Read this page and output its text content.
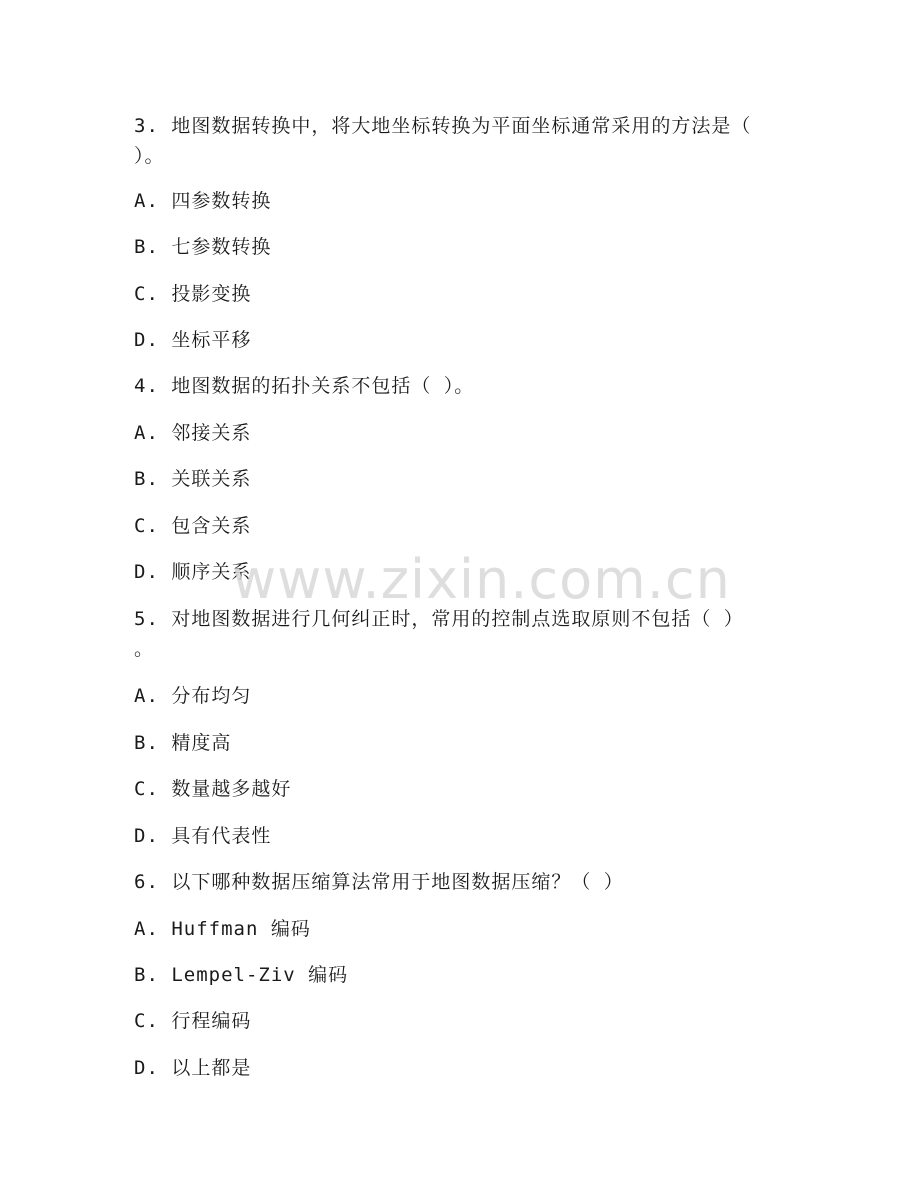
3. 地图数据转换中，将大地坐标转换为平面坐标通常采用的方法是（
）。
A. 四参数转换
B. 七参数转换
C. 投影变换
D. 坐标平移
4. 地图数据的拓扑关系不包括（ ）。
A. 邻接关系
B. 关联关系
C. 包含关系
D. 顺序关系
5. 对地图数据进行几何纠正时，常用的控制点选取原则不包括（ ）
。
A. 分布均匀
B. 精度高
C. 数量越多越好
D. 具有代表性
6. 以下哪种数据压缩算法常用于地图数据压缩？（ ）
A. Huffman 编码
B. Lempel-Ziv 编码
C. 行程编码
D. 以上都是
www.zixin.com.cn
